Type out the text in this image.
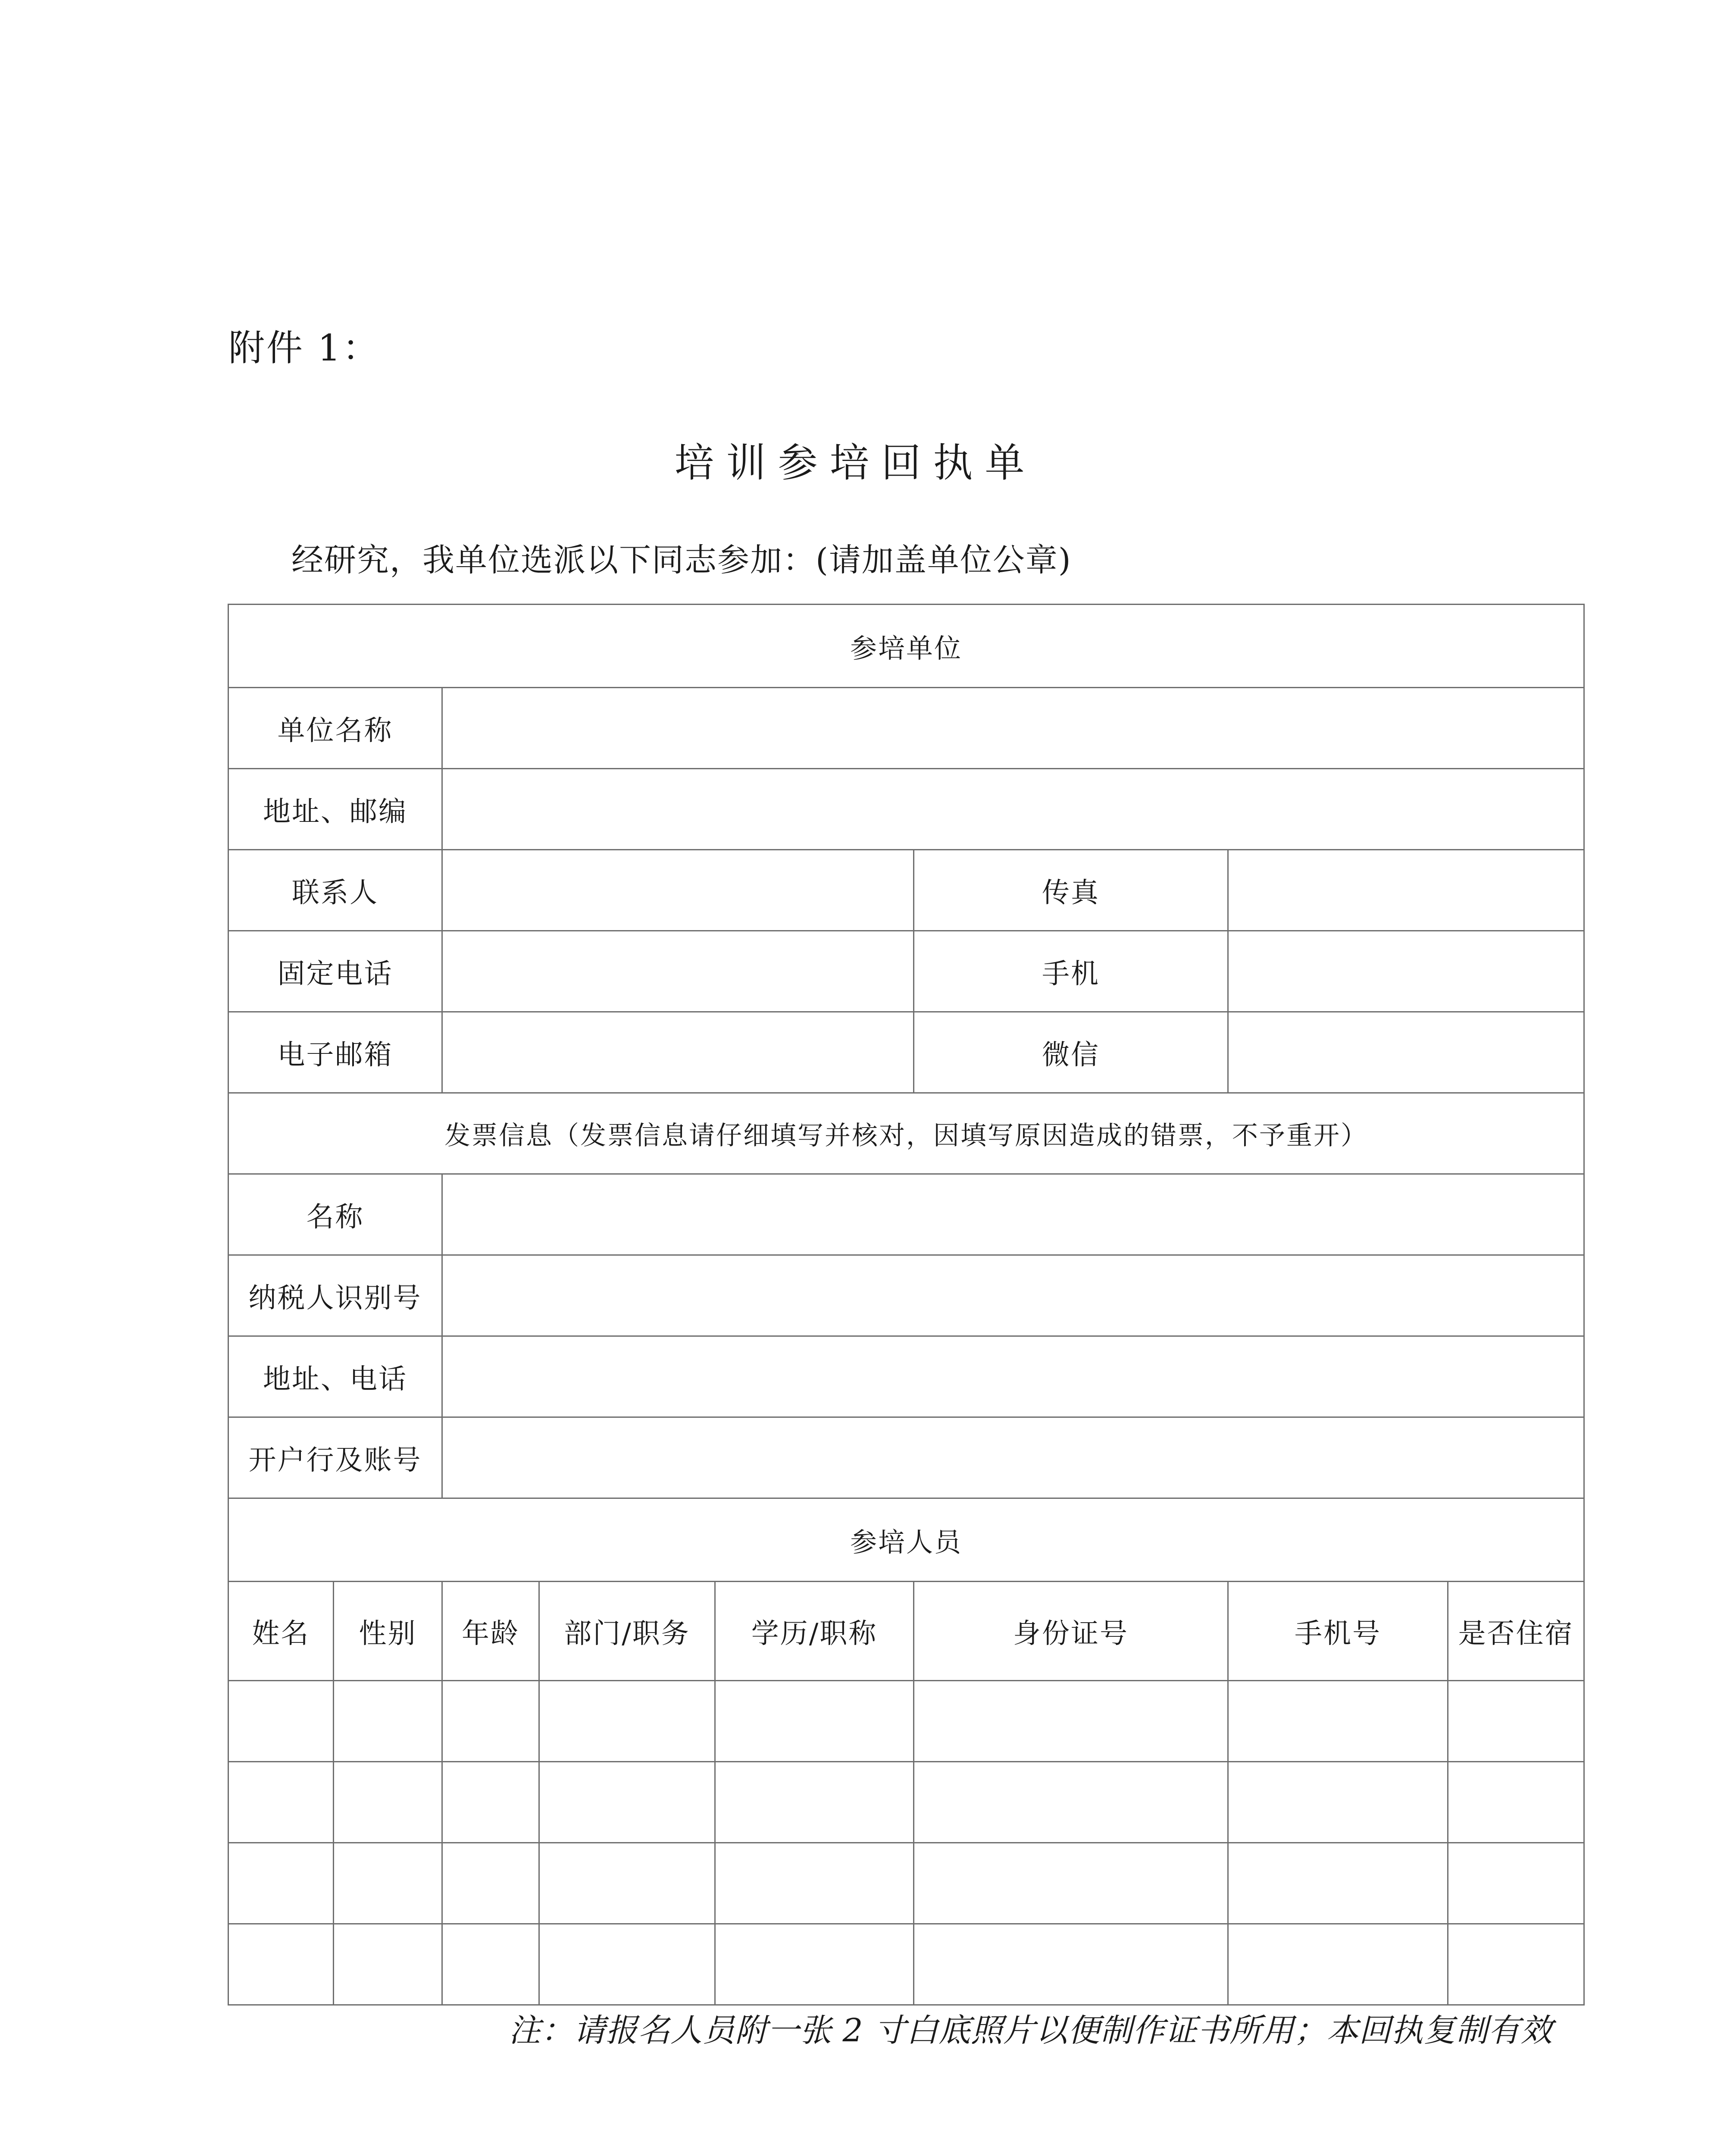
附件 1：
培训参培回执单
经研究，我单位选派以下同志参加：(请加盖单位公章)
参培单位							
单位名称							
地址、邮编							
联系人					传真		
固定电话					手机		
电子邮箱					微信		
发票信息（发票信息请仔细填写并核对，因填写原因造成的错票，不予重开）							
名称							
纳税人识别号							
地址、电话							
开户行及账号							
参培人员							
姓名	性别	年龄	部门/职务	学历/职称	身份证号	手机号	是否住宿

注：请报名人员附一张 2 寸白底照片以便制作证书所用；本回执复制有效
